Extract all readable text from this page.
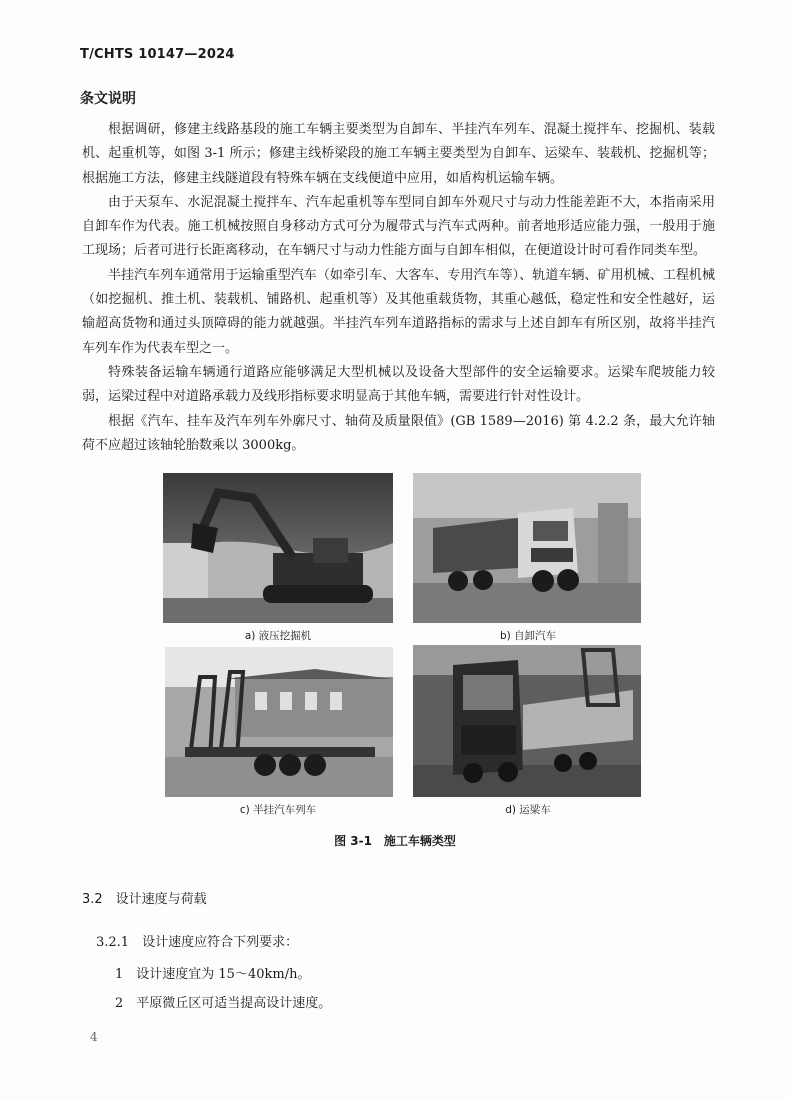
T/CHTS 10147—2024
条文说明

根据调研，修建主线路基段的施工车辆主要类型为自卸车、半挂汽车列车、混凝土搅拌车、挖掘机、装载机、起重机等，如图 3-1 所示；修建主线桥梁段的施工车辆主要类型为自卸车、运梁车、装载机、挖掘机等；根据施工方法，修建主线隧道段有特殊车辆在支线便道中应用，如盾构机运输车辆。

由于天泵车、水泥混凝土搅拌车、汽车起重机等车型同自卸车外观尺寸与动力性能差距不大，本指南采用自卸车作为代表。施工机械按照自身移动方式可分为履带式与汽车式两种。前者地形适应能力强，一般用于施工现场；后者可进行长距离移动，在车辆尺寸与动力性能方面与自卸车相似，在便道设计时可看作同类车型。

半挂汽车列车通常用于运输重型汽车（如牵引车、大客车、专用汽车等）、轨道车辆、矿用机械、工程机械（如挖掘机、推土机、装载机、铺路机、起重机等）及其他重载货物，其重心越低，稳定性和安全性越好，运输超高货物和通过头顶障碍的能力就越强。半挂汽车列车道路指标的需求与上述自卸车有所区别，故将半挂汽车列车作为代表车型之一。

特殊装备运输车辆通行道路应能够满足大型机械以及设备大型部件的安全运输要求。运梁车爬坡能力较弱，运梁过程中对道路承载力及线形指标要求明显高于其他车辆，需要进行针对性设计。

根据《汽车、挂车及汽车列车外廓尺寸、轴荷及质量限值》(GB 1589—2016) 第 4.2.2 条，最大允许轴荷不应超过该轴轮胎数乘以 3000kg。

a) 液压挖掘机	b) 自卸汽车
c) 半挂汽车列车	d) 运梁车
图 3-1　施工车辆类型
3.2　设计速度与荷载
3.2.1　设计速度应符合下列要求：
1　设计速度宜为 15～40km/h。
2　平原微丘区可适当提高设计速度。
4
